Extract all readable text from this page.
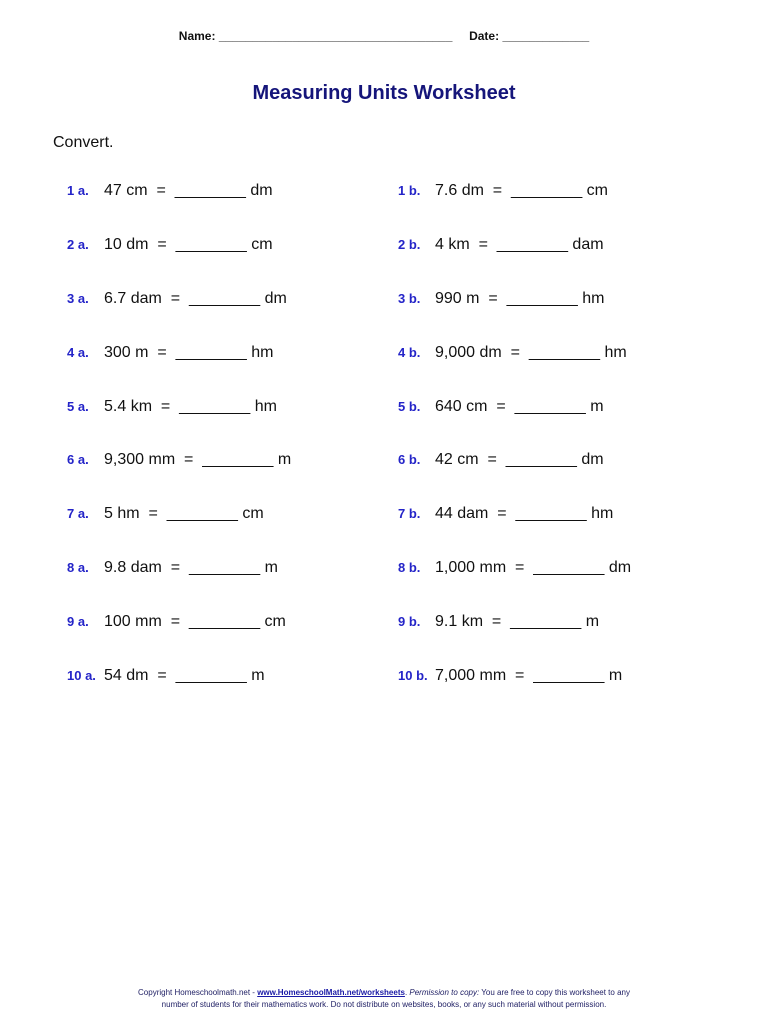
Name: ___________________________________ Date: _____________
Measuring Units Worksheet
Convert.
1 a. 47 cm  =  ________ dm	1 b. 7.6 dm  =  ________ cm
2 a. 10 dm  =  ________ cm	2 b. 4 km  =  ________ dam
3 a. 6.7 dam  =  ________ dm	3 b. 990 m  =  ________ hm
4 a. 300 m  =  ________ hm	4 b. 9,000 dm  =  ________ hm
5 a. 5.4 km  =  ________ hm	5 b. 640 cm  =  ________ m
6 a. 9,300 mm  =  ________ m	6 b. 42 cm  =  ________ dm
7 a. 5 hm  =  ________ cm	7 b. 44 dam  =  ________ hm
8 a. 9.8 dam  =  ________ m	8 b. 1,000 mm  =  ________ dm
9 a. 100 mm  =  ________ cm	9 b. 9.1 km  =  ________ m
10 a. 54 dm  =  ________ m	10 b. 7,000 mm  =  ________ m
Copyright Homeschoolmath.net - www.HomeschoolMath.net/worksheets. Permission to copy: You are free to copy this worksheet to any
number of students for their mathematics work. Do not distribute on websites, books, or any such material without permission.
